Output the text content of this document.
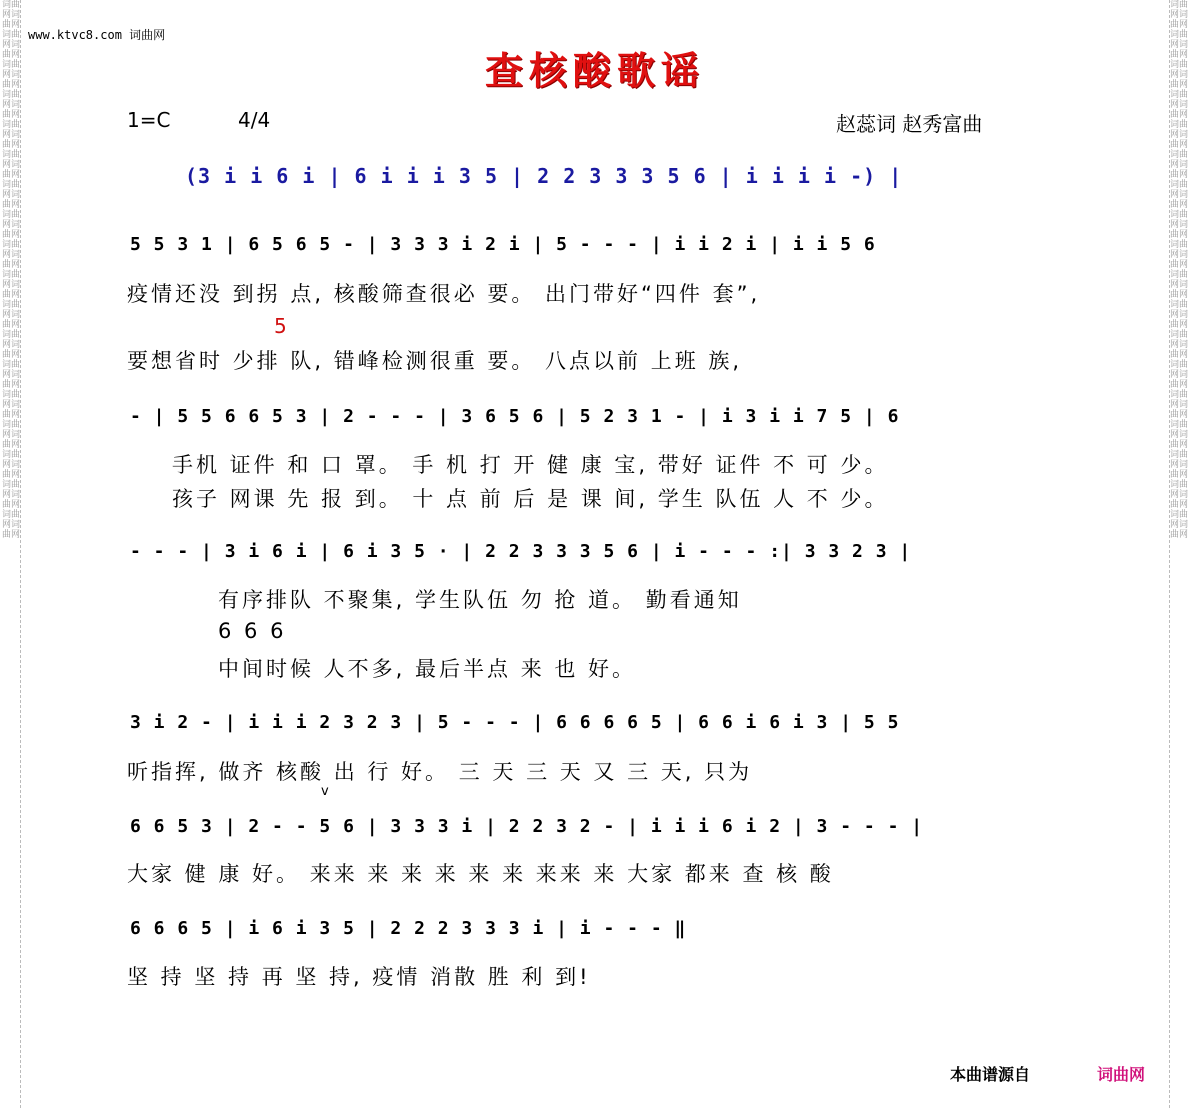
词曲网词曲网词曲网词曲网词曲网词曲网词曲网词曲网词曲网词曲网词曲网词曲网词曲网词曲网词曲网词曲网词曲网词曲网词曲网词曲网词曲网词曲网词曲网词曲网词曲网词曲网词曲网词曲网词曲网词曲网词曲网词曲网词曲网词曲网词曲网词曲网
词曲网词曲网词曲网词曲网词曲网词曲网词曲网词曲网词曲网词曲网词曲网词曲网词曲网词曲网词曲网词曲网词曲网词曲网词曲网词曲网词曲网词曲网词曲网词曲网词曲网词曲网词曲网词曲网词曲网词曲网词曲网词曲网词曲网词曲网词曲网词曲网
www.ktvc8.com 词曲网
查核酸歌谣
1=C	4/4	赵蕊词 赵秀富曲
(3 i i 6 i | 6 i i i 3 5 | 2 2 3 3 3 5 6 | i i i i -) |
5 5 3 1 | 6 5 6 5 - | 3 3 3 i 2 i | 5 - - - | i i 2 i | i i 5 6
疫情还没 到拐 点, 核酸筛查很必 要。 出门带好“四件 套”,
5
要想省时 少排 队, 错峰检测很重 要。 八点以前 上班 族,
- | 5 5 6 6 5 3 | 2 - - - | 3 6 5 6 | 5 2 3 1 - | i 3 i i 7 5 | 6
手机 证件 和 口 罩。 手 机 打 开 健 康 宝, 带好 证件 不 可 少。
孩子 网课 先 报 到。 十 点 前 后 是 课 间, 学生 队伍 人 不 少。
- - - | 3 i 6 i | 6 i 3 5 · | 2 2 3 3 3 5 6 | i - - - :| 3 3 2 3 |
有序排队 不聚集, 学生队伍 勿 抢 道。 勤看通知
6 6 6
中间时候 人不多, 最后半点 来 也 好。
3 i 2 - | i i i 2 3 2 3 | 5 - - - | 6 6 6 6 5 | 6 6 i 6 i 3 | 5 5
听指挥, 做齐 核酸 出 行 好。 三 天 三 天 又 三 天, 只为
v
6 6 5 3 | 2 - - 5 6 | 3 3 3 i | 2 2 3 2 - | i i i 6 i 2 | 3 - - - |
大家 健 康 好。 来来 来 来 来 来 来 来来 来 大家 都来 查 核 酸
6 6 6 5 | i 6 i 3 5 | 2 2 2 3 3 3 i | i - - - ‖
坚 持 坚 持 再 坚 持, 疫情 消散 胜 利 到!
本曲谱源自	词曲网
